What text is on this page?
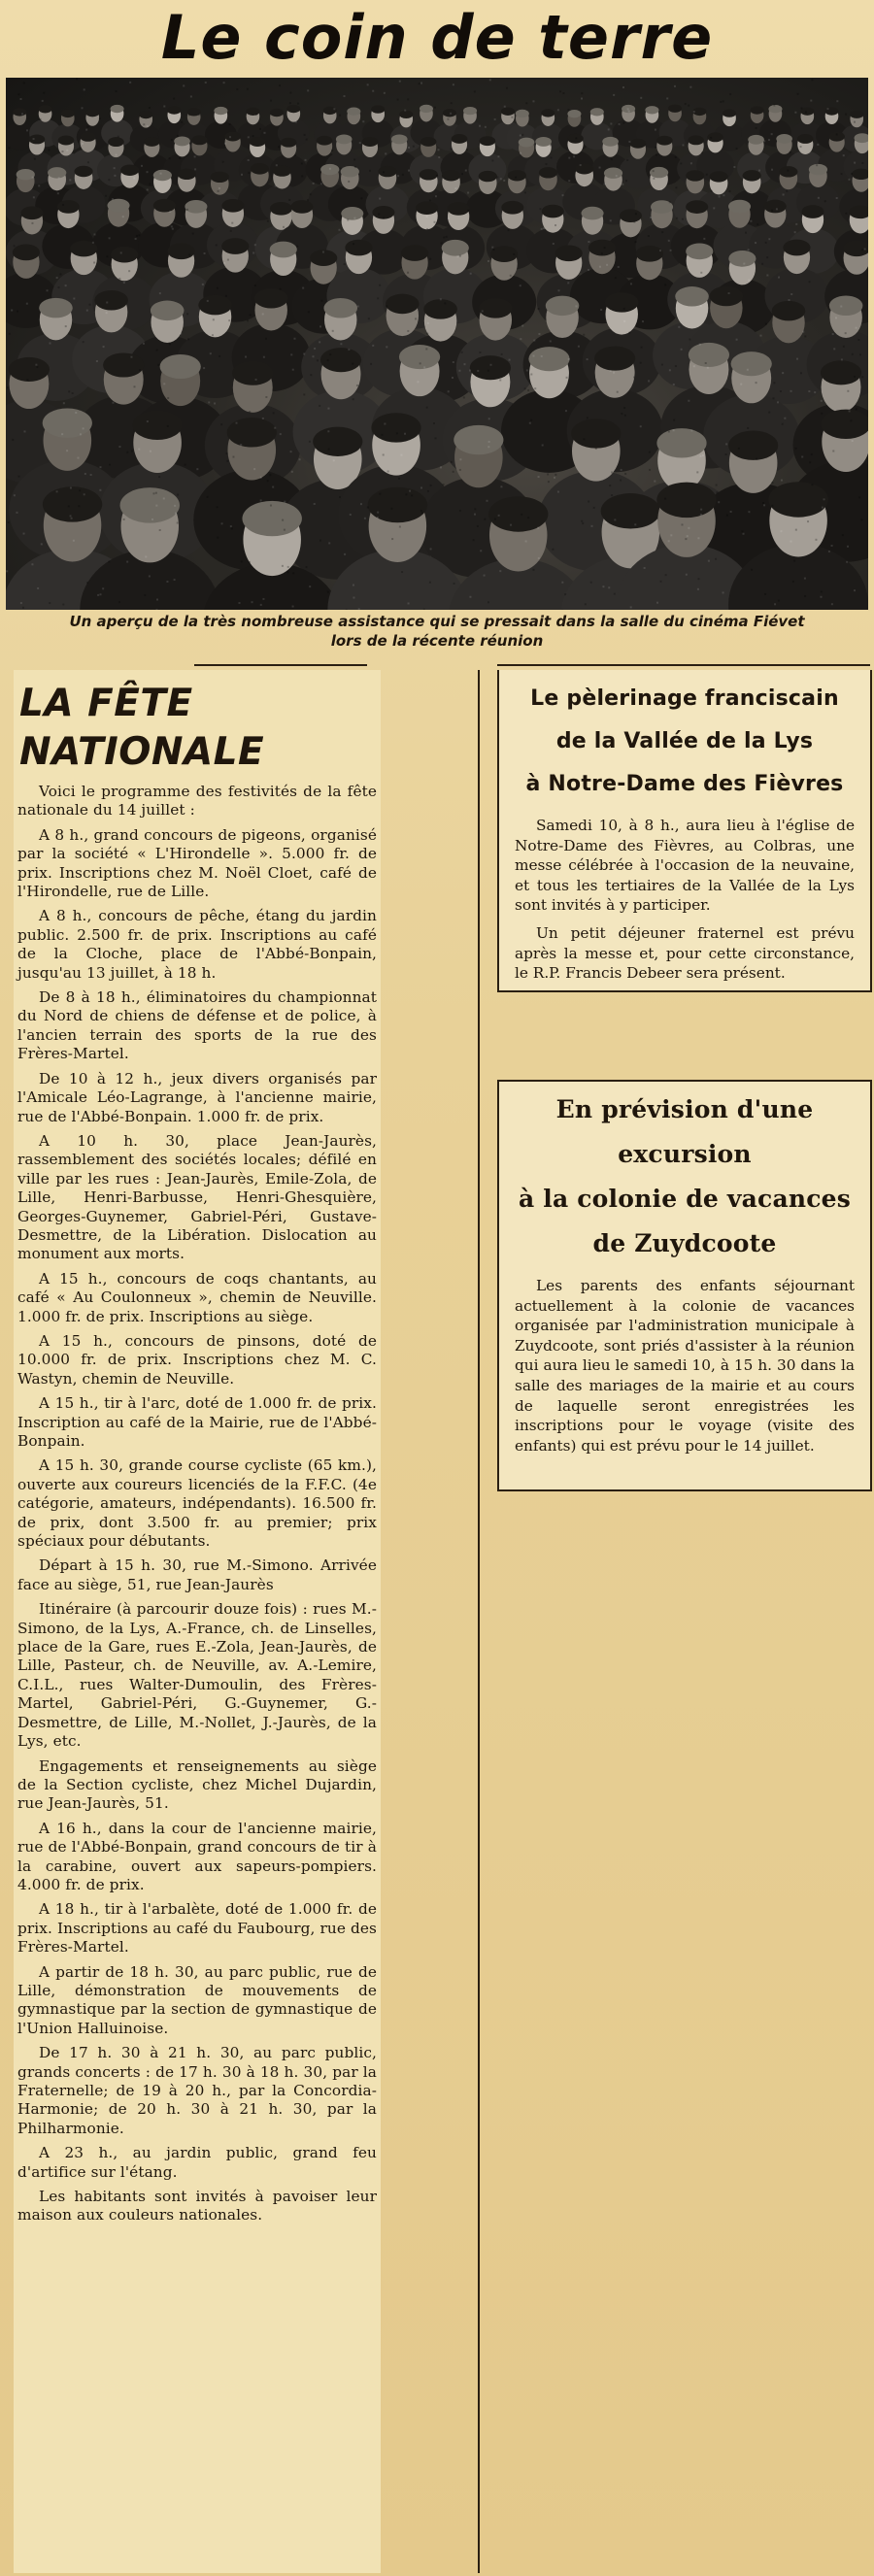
Le coin de terre
Un aperçu de la très nombreuse assistance qui se pressait dans la salle du cinéma Fiévet
lors de la récente réunion
LA FÊTE NATIONALE

Voici le programme des festivités de la fête nationale du 14 juillet :

A 8 h., grand concours de pigeons, organisé par la société « L'Hirondelle ». 5.000 fr. de prix. Inscriptions chez M. Noël Cloet, café de l'Hirondelle, rue de Lille.

A 8 h., concours de pêche, étang du jardin public. 2.500 fr. de prix. Inscriptions au café de la Cloche, place de l'Abbé-Bonpain, jusqu'au 13 juillet, à 18 h.

De 8 à 18 h., éliminatoires du championnat du Nord de chiens de défense et de police, à l'ancien terrain des sports de la rue des Frères-Martel.

De 10 à 12 h., jeux divers organisés par l'Amicale Léo-Lagrange, à l'ancienne mairie, rue de l'Abbé-Bonpain. 1.000 fr. de prix.

A 10 h. 30, place Jean-Jaurès, rassemblement des sociétés locales; défilé en ville par les rues : Jean-Jaurès, Emile-Zola, de Lille, Henri-Barbusse, Henri-Ghesquière, Georges-Guynemer, Gabriel-Péri, Gustave-Desmettre, de la Libération. Dislocation au monument aux morts.

A 15 h., concours de coqs chantants, au café « Au Coulonneux », chemin de Neuville. 1.000 fr. de prix. Inscriptions au siège.

A 15 h., concours de pinsons, doté de 10.000 fr. de prix. Inscriptions chez M. C. Wastyn, chemin de Neuville.

A 15 h., tir à l'arc, doté de 1.000 fr. de prix. Inscription au café de la Mairie, rue de l'Abbé-Bonpain.

A 15 h. 30, grande course cycliste (65 km.), ouverte aux coureurs licenciés de la F.F.C. (4e catégorie, amateurs, indépendants). 16.500 fr. de prix, dont 3.500 fr. au premier; prix spéciaux pour débutants.

Départ à 15 h. 30, rue M.-Simono. Arrivée face au siège, 51, rue Jean-Jaurès

Itinéraire (à parcourir douze fois) : rues M.-Simono, de la Lys, A.-France, ch. de Linselles, place de la Gare, rues E.-Zola, Jean-Jaurès, de Lille, Pasteur, ch. de Neuville, av. A.-Lemire, C.I.L., rues Walter-Dumoulin, des Frères-Martel, Gabriel-Péri, G.-Guynemer, G.-Desmettre, de Lille, M.-Nollet, J.-Jaurès, de la Lys, etc.

Engagements et renseignements au siège de la Section cycliste, chez Michel Dujardin, rue Jean-Jaurès, 51.

A 16 h., dans la cour de l'ancienne mairie, rue de l'Abbé-Bonpain, grand concours de tir à la carabine, ouvert aux sapeurs-pompiers. 4.000 fr. de prix.

A 18 h., tir à l'arbalète, doté de 1.000 fr. de prix. Inscriptions au café du Faubourg, rue des Frères-Martel.

A partir de 18 h. 30, au parc public, rue de Lille, démonstration de mouvements de gymnastique par la section de gymnastique de l'Union Halluinoise.

De 17 h. 30 à 21 h. 30, au parc public, grands concerts : de 17 h. 30 à 18 h. 30, par la Fraternelle; de 19 à 20 h., par la Concordia-Harmonie; de 20 h. 30 à 21 h. 30, par la Philharmonie.

A 23 h., au jardin public, grand feu d'artifice sur l'étang.

Les habitants sont invités à pavoiser leur maison aux couleurs nationales.

Le pèlerinage franciscain
de la Vallée de la Lys
à Notre-Dame des Fièvres

Samedi 10, à 8 h., aura lieu à l'église de Notre-Dame des Fièvres, au Colbras, une messe célébrée à l'occasion de la neuvaine, et tous les tertiaires de la Vallée de la Lys sont invités à y participer.

Un petit déjeuner fraternel est prévu après la messe et, pour cette circonstance, le R.P. Francis Debeer sera présent.

En prévision d'une excursion
à la colonie de vacances
de Zuydcoote

Les parents des enfants séjournant actuellement à la colonie de vacances organisée par l'administration municipale à Zuydcoote, sont priés d'assister à la réunion qui aura lieu le samedi 10, à 15 h. 30 dans la salle des mariages de la mairie et au cours de laquelle seront enregistrées les inscriptions pour le voyage (visite des enfants) qui est prévu pour le 14 juillet.
